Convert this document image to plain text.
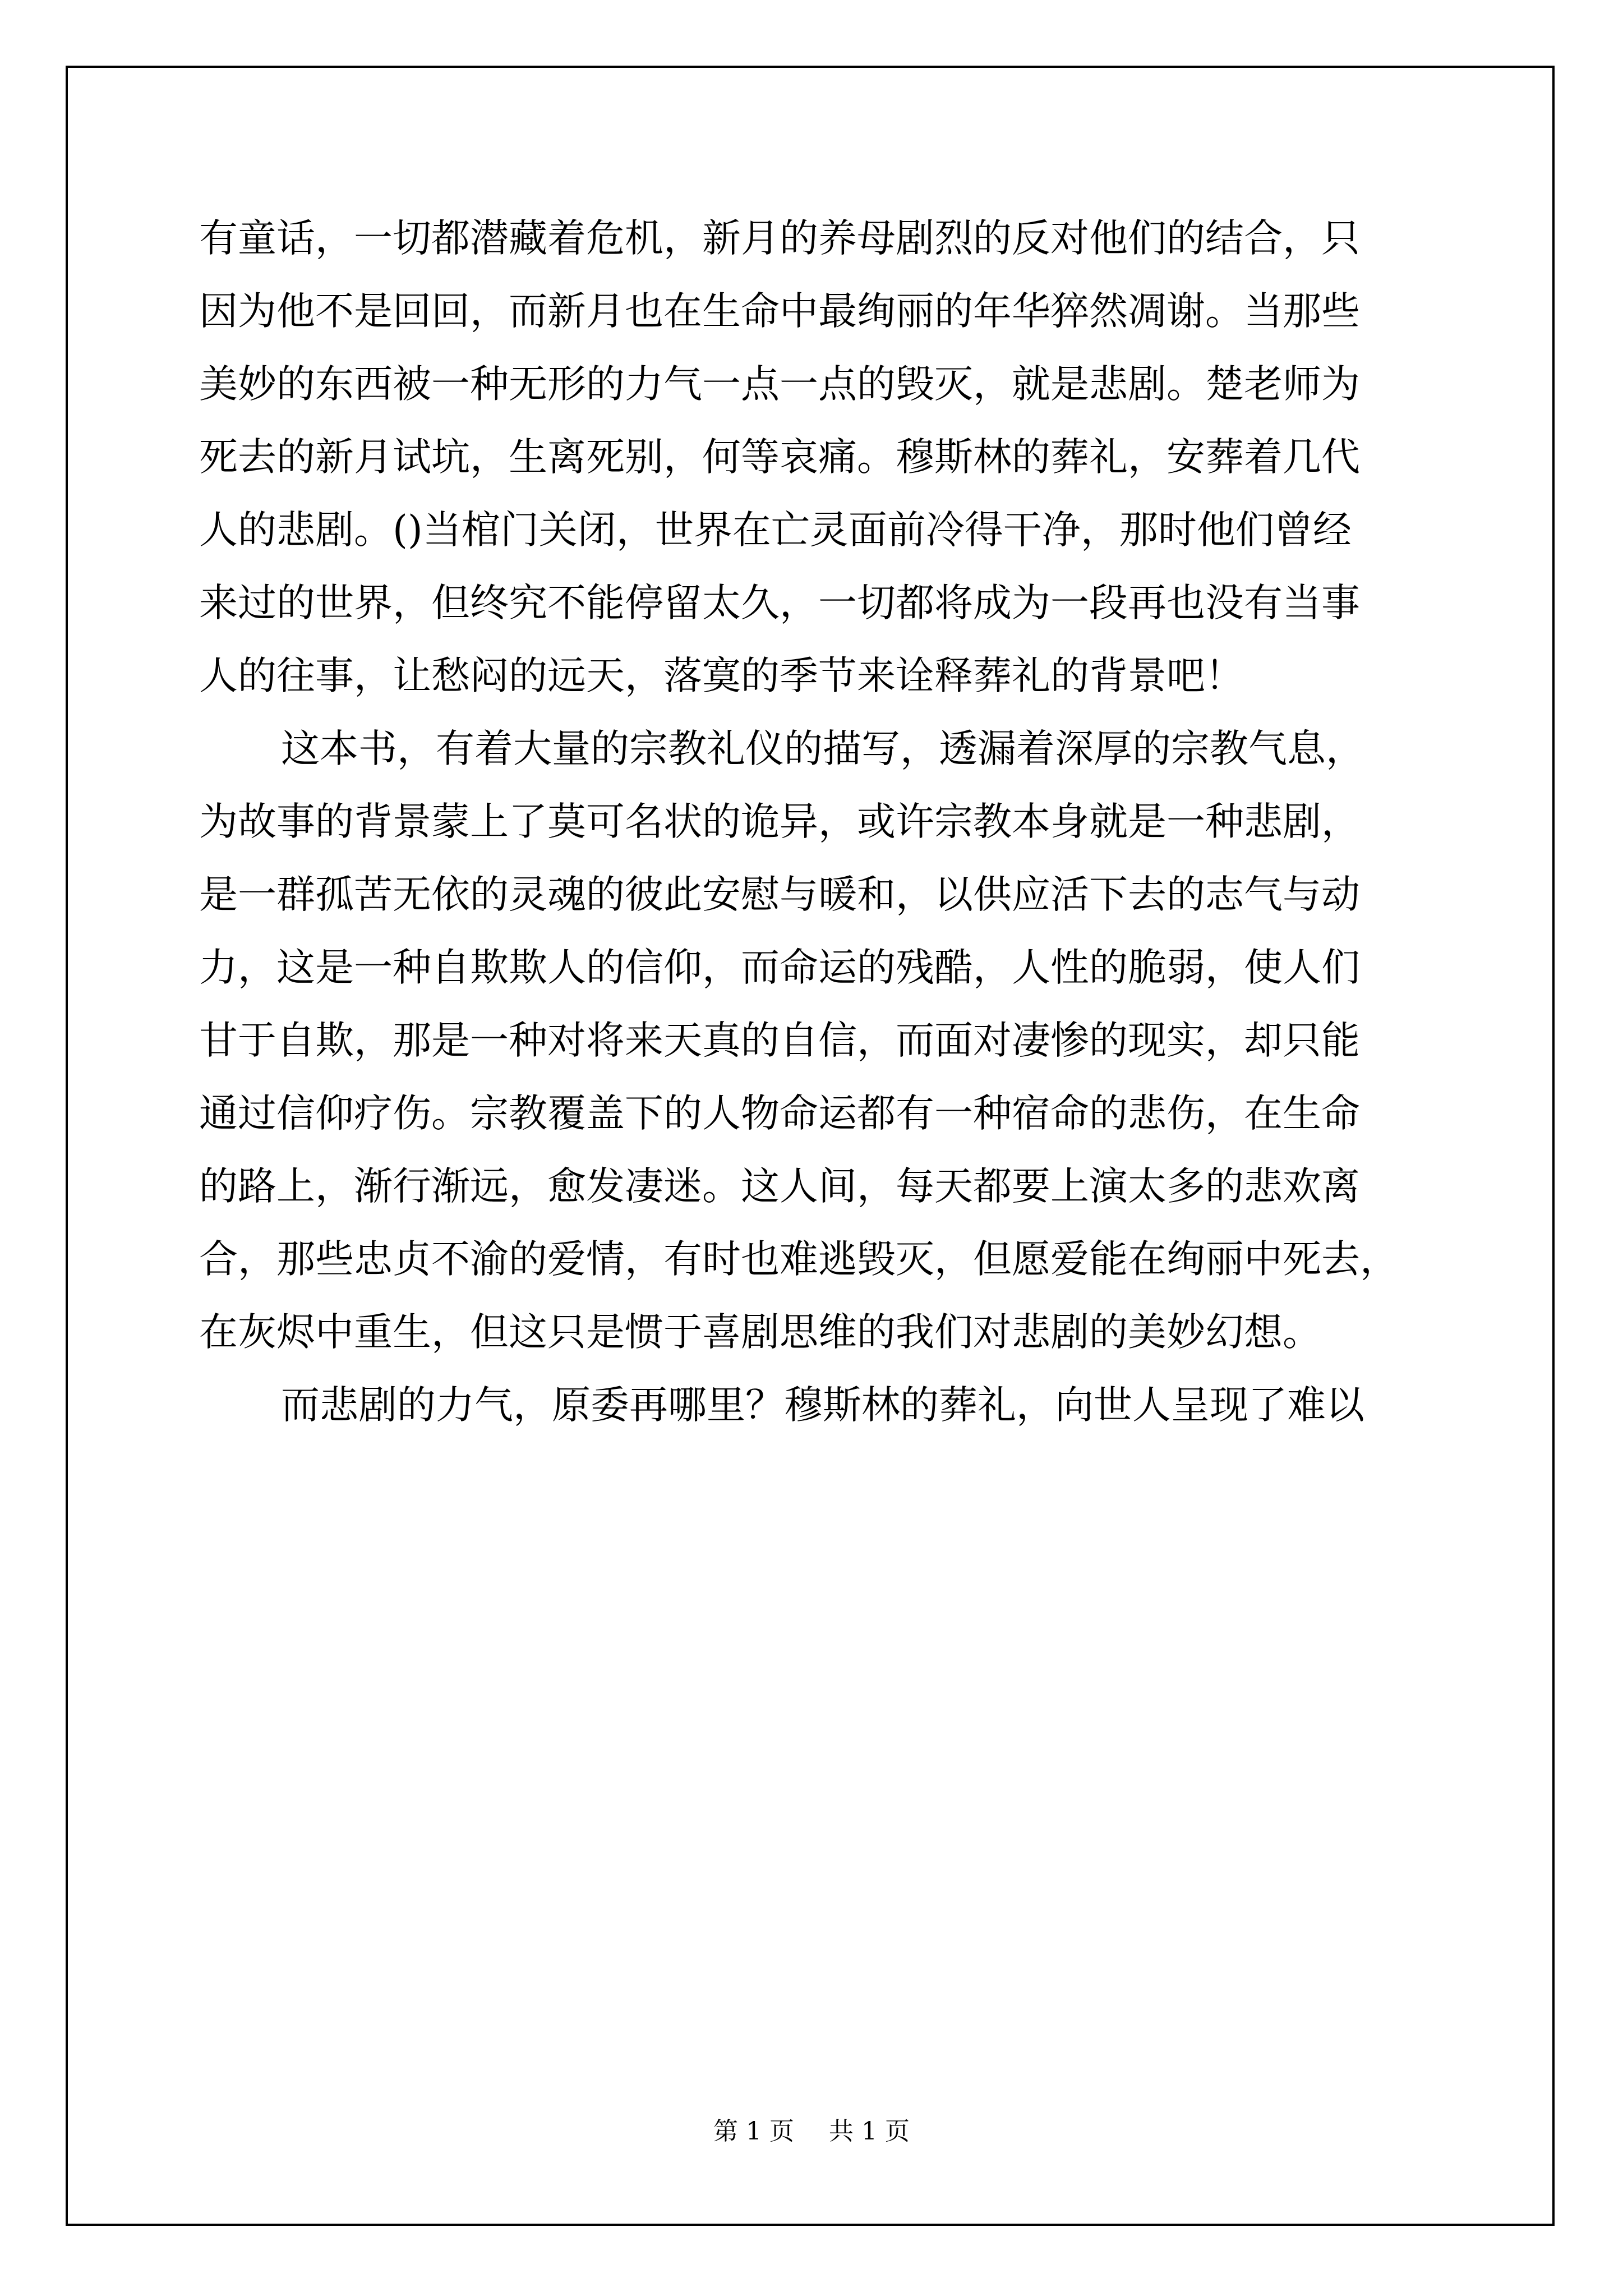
有童话，一切都潜藏着危机，新月的养母剧烈的反对他们的结合，只
因为他不是回回，而新月也在生命中最绚丽的年华猝然凋谢。当那些
美妙的东西被一种无形的力气一点一点的毁灭，就是悲剧。楚老师为
死去的新月试坑，生离死别，何等哀痛。穆斯林的葬礼，安葬着几代
人的悲剧。()当棺门关闭，世界在亡灵面前冷得干净，那时他们曾经
来过的世界，但终究不能停留太久，一切都将成为一段再也没有当事
人的往事，让愁闷的远天，落寞的季节来诠释葬礼的背景吧！
这本书，有着大量的宗教礼仪的描写，透漏着深厚的宗教气息，
为故事的背景蒙上了莫可名状的诡异，或许宗教本身就是一种悲剧，
是一群孤苦无依的灵魂的彼此安慰与暖和，以供应活下去的志气与动
力，这是一种自欺欺人的信仰，而命运的残酷，人性的脆弱，使人们
甘于自欺，那是一种对将来天真的自信，而面对凄惨的现实，却只能
通过信仰疗伤。宗教覆盖下的人物命运都有一种宿命的悲伤，在生命
的路上，渐行渐远，愈发凄迷。这人间，每天都要上演太多的悲欢离
合，那些忠贞不渝的爱情，有时也难逃毁灭，但愿爱能在绚丽中死去，
在灰烬中重生，但这只是惯于喜剧思维的我们对悲剧的美妙幻想。
而悲剧的力气，原委再哪里？穆斯林的葬礼，向世人呈现了难以
第 1 页 共 1 页
